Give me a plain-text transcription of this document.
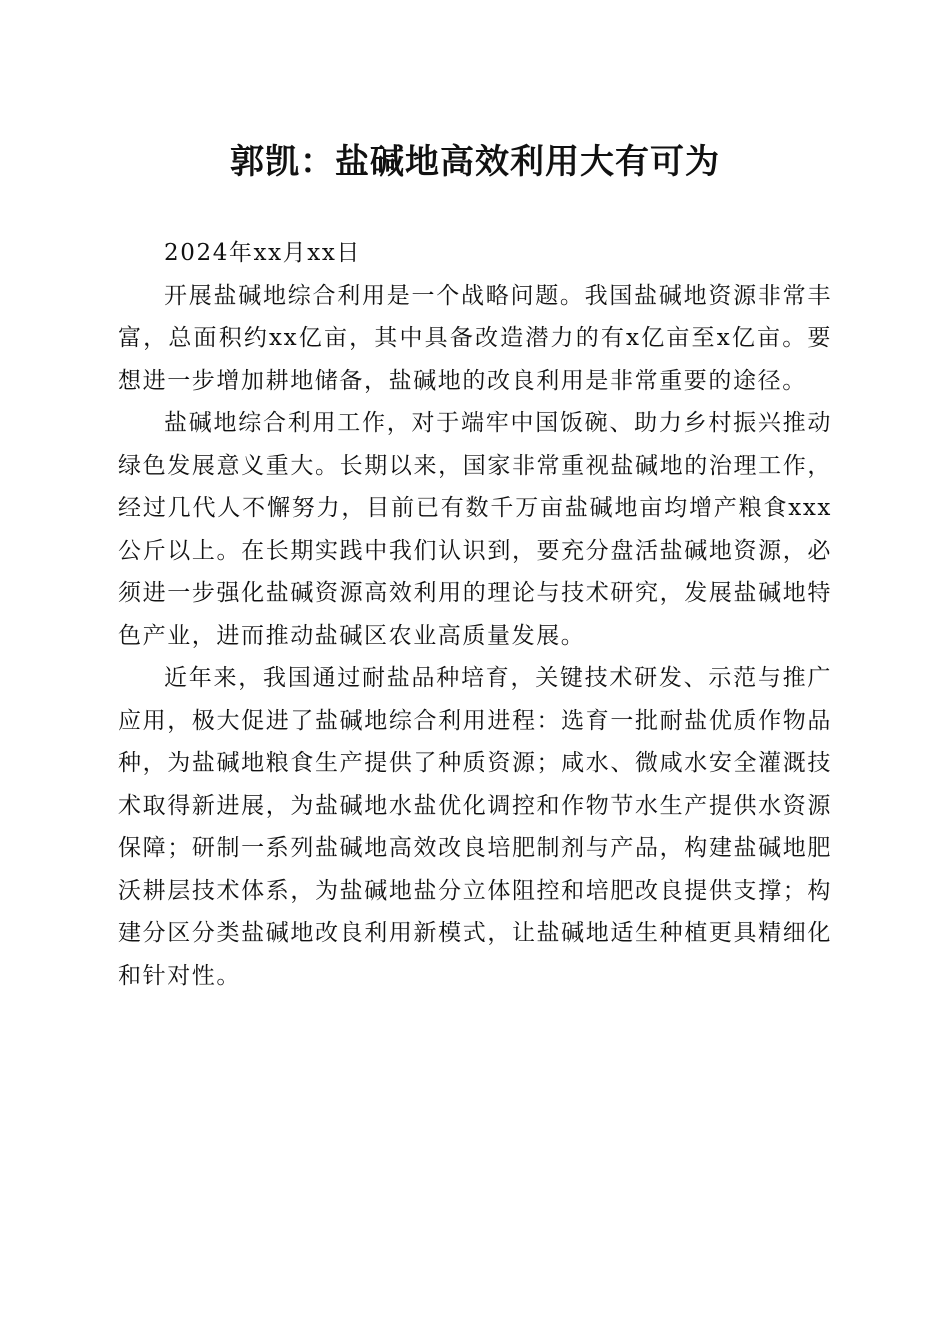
郭凯：盐碱地高效利用大有可为

2024年xx月xx日

开展盐碱地综合利用是一个战略问题。我国盐碱地资源非常丰富，总面积约xx亿亩，其中具备改造潜力的有x亿亩至x亿亩。要想进一步增加耕地储备，盐碱地的改良利用是非常重要的途径。

盐碱地综合利用工作，对于端牢中国饭碗、助力乡村振兴推动绿色发展意义重大。长期以来，国家非常重视盐碱地的治理工作，经过几代人不懈努力，目前已有数千万亩盐碱地亩均增产粮食xxx公斤以上。在长期实践中我们认识到，要充分盘活盐碱地资源，必须进一步强化盐碱资源高效利用的理论与技术研究，发展盐碱地特色产业，进而推动盐碱区农业高质量发展。

近年来，我国通过耐盐品种培育，关键技术研发、示范与推广应用，极大促进了盐碱地综合利用进程：选育一批耐盐优质作物品种，为盐碱地粮食生产提供了种质资源；咸水、微咸水安全灌溉技术取得新进展，为盐碱地水盐优化调控和作物节水生产提供水资源保障；研制一系列盐碱地高效改良培肥制剂与产品，构建盐碱地肥沃耕层技术体系，为盐碱地盐分立体阻控和培肥改良提供支撑；构建分区分类盐碱地改良利用新模式，让盐碱地适生种植更具精细化和针对性。
